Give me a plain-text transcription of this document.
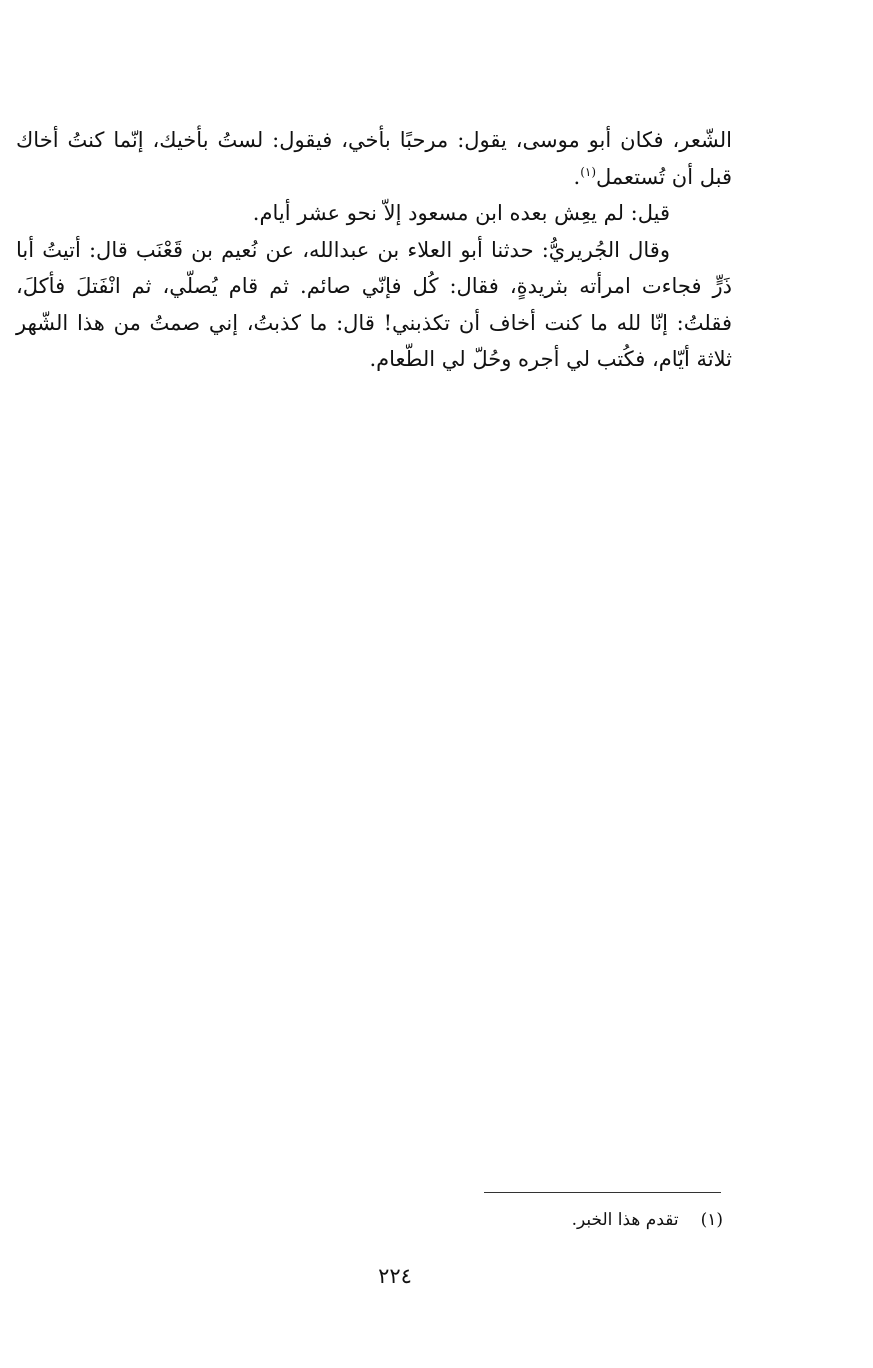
الشّعر، فكان أبو موسى، يقول: مرحبًا بأخي، فيقول: لستُ بأخيك، إنّما كنتُ أخاك قبل أن تُستعمل$^{(١)}$.

قيل: لم يعِش بعده ابن مسعود إلاّ نحو عشر أيام.

وقال الجُريريُّ: حدثنا أبو العلاء بن عبدالله، عن نُعيم بن قَعْنَب قال: أتيتُ أبا ذَرٍّ فجاءت امرأته بثريدةٍ، فقال: كُل فإنّي صائم. ثم قام يُصلّي، ثم انْفَتلَ فأكلَ، فقلتُ: إنّا لله ما كنت أخاف أن تكذبني! قال: ما كذبتُ، إني صمتُ من هذا الشّهر ثلاثة أيّام، فكُتب لي أجره وحُلّ لي الطّعام.

(١)تقدم هذا الخبر.
٢٢٤
